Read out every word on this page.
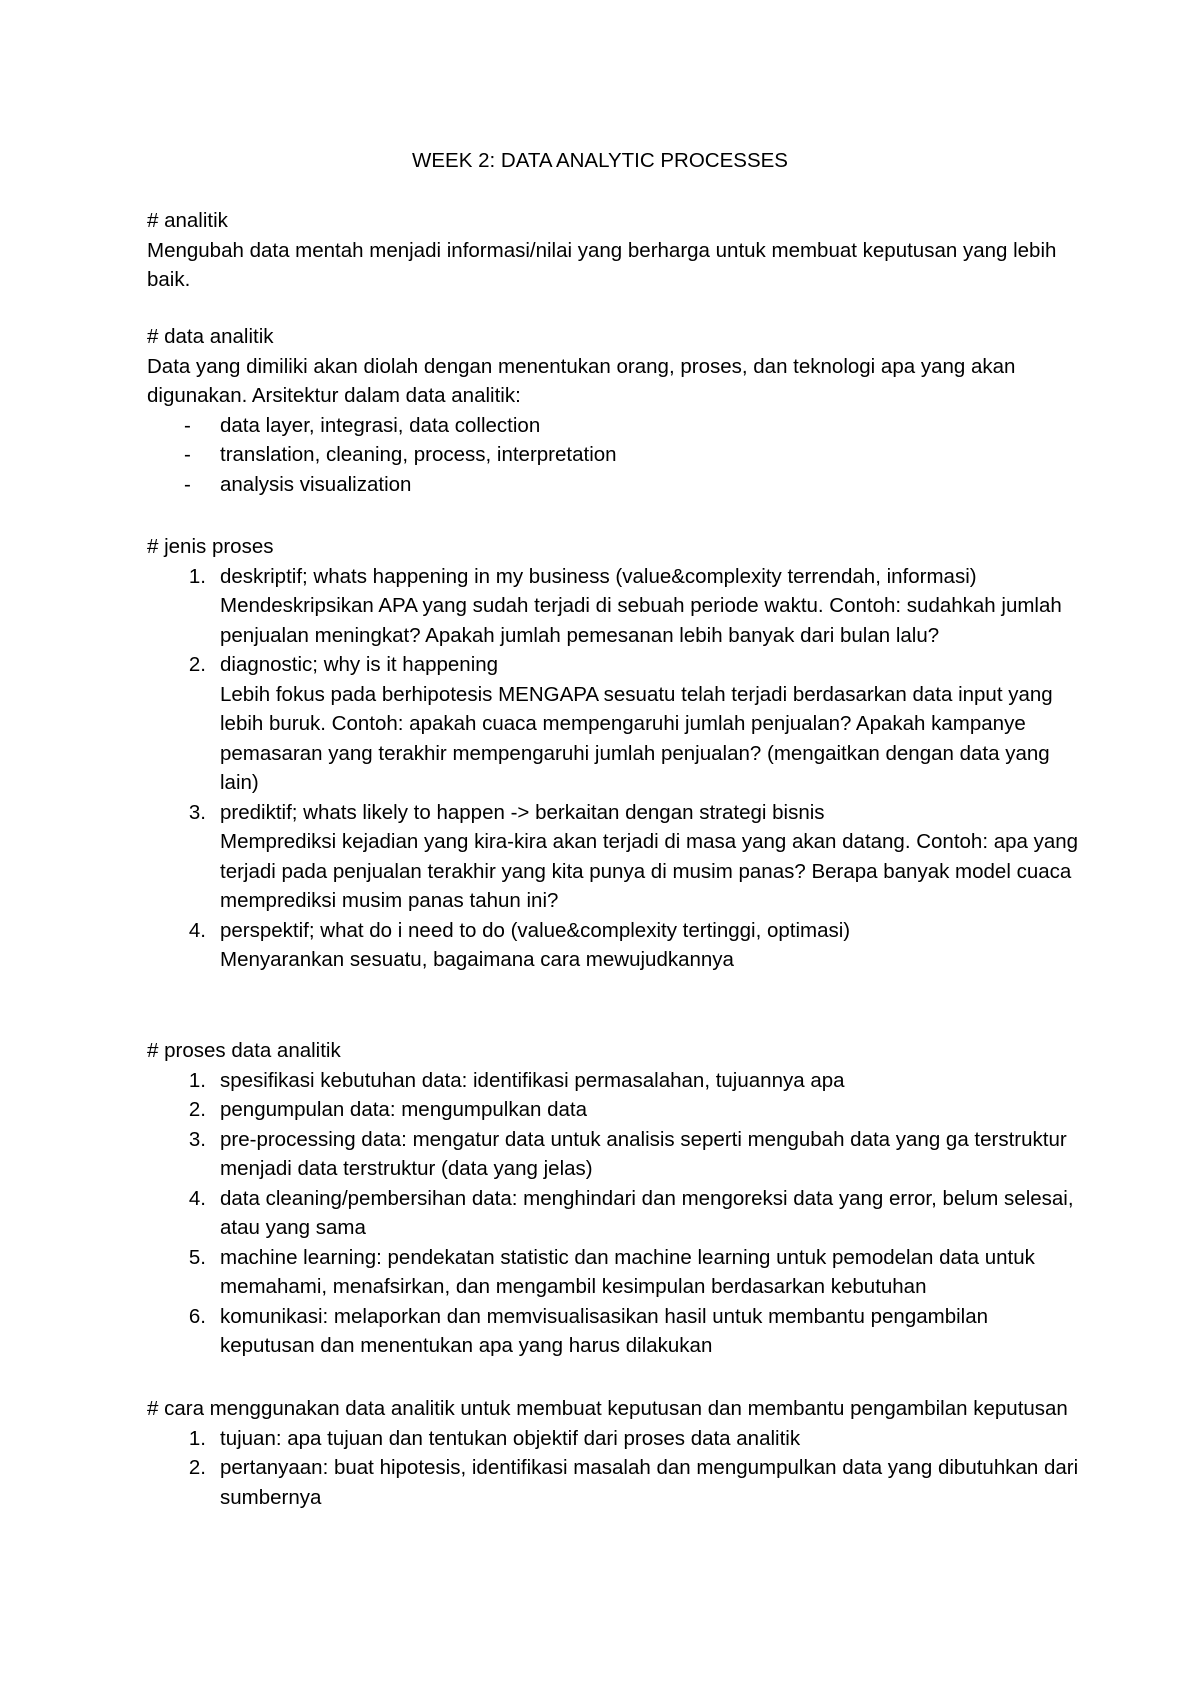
WEEK 2: DATA ANALYTIC PROCESSES

# analitik

Mengubah data mentah menjadi informasi/nilai yang berharga untuk membuat keputusan yang lebih baik.

# data analitik

Data yang dimiliki akan diolah dengan menentukan orang, proses, dan teknologi apa yang akan digunakan. Arsitektur dalam data analitik:

- data layer, integrasi, data collection
- translation, cleaning, process, interpretation
- analysis visualization

# jenis proses

1. deskriptif; whats happening in my business (value&complexity terrendah, informasi)
Mendeskripsikan APA yang sudah terjadi di sebuah periode waktu. Contoh: sudahkah jumlah penjualan meningkat? Apakah jumlah pemesanan lebih banyak dari bulan lalu?
2. diagnostic; why is it happening
Lebih fokus pada berhipotesis MENGAPA sesuatu telah terjadi berdasarkan data input yang lebih buruk. Contoh: apakah cuaca mempengaruhi jumlah penjualan? Apakah kampanye pemasaran yang terakhir mempengaruhi jumlah penjualan? (mengaitkan dengan data yang lain)
3. prediktif; whats likely to happen -> berkaitan dengan strategi bisnis
Memprediksi kejadian yang kira-kira akan terjadi di masa yang akan datang. Contoh: apa yang terjadi pada penjualan terakhir yang kita punya di musim panas? Berapa banyak model cuaca memprediksi musim panas tahun ini?
4. perspektif; what do i need to do (value&complexity tertinggi, optimasi)
Menyarankan sesuatu, bagaimana cara mewujudkannya

# proses data analitik

1. spesifikasi kebutuhan data: identifikasi permasalahan, tujuannya apa
2. pengumpulan data: mengumpulkan data
3. pre-processing data: mengatur data untuk analisis seperti mengubah data yang ga terstruktur menjadi data terstruktur (data yang jelas)
4. data cleaning/pembersihan data: menghindari dan mengoreksi data yang error, belum selesai, atau yang sama
5. machine learning: pendekatan statistic dan machine learning untuk pemodelan data untuk memahami, menafsirkan, dan mengambil kesimpulan berdasarkan kebutuhan
6. komunikasi: melaporkan dan memvisualisasikan hasil untuk membantu pengambilan keputusan dan menentukan apa yang harus dilakukan

# cara menggunakan data analitik untuk membuat keputusan dan membantu pengambilan keputusan

1. tujuan: apa tujuan dan tentukan objektif dari proses data analitik
2. pertanyaan: buat hipotesis, identifikasi masalah dan mengumpulkan data yang dibutuhkan dari sumbernya
